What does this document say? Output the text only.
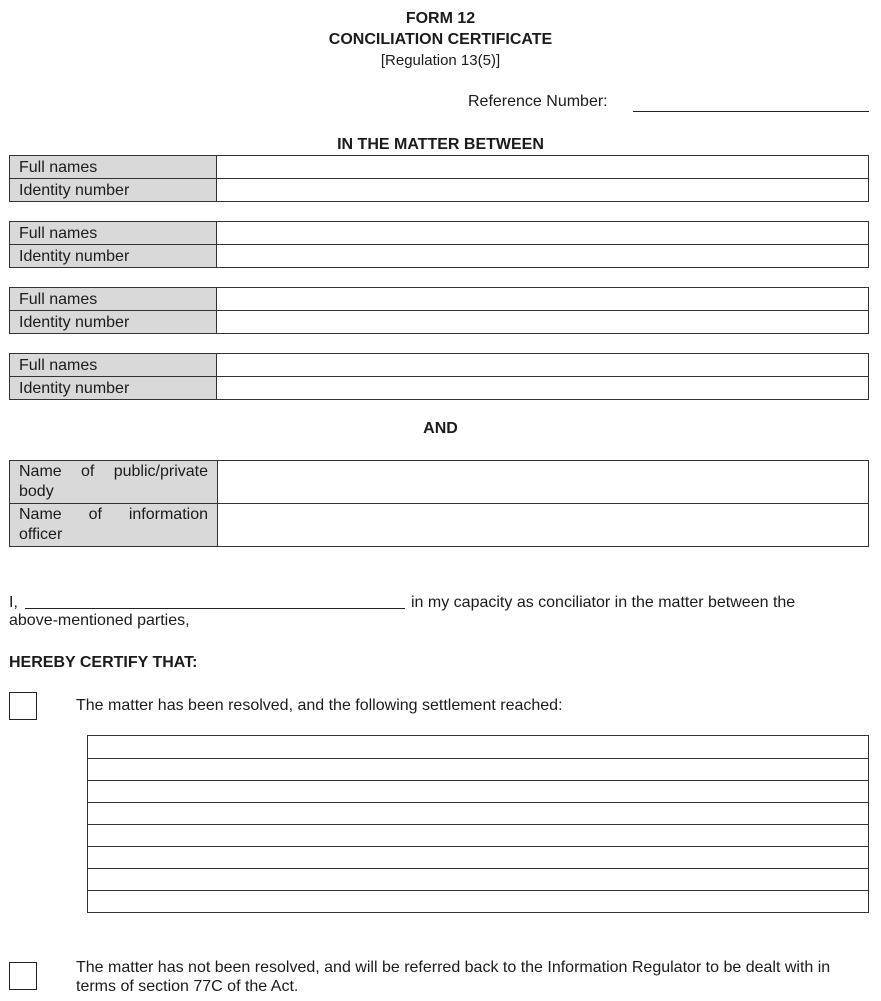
FORM 12
CONCILIATION CERTIFICATE
[Regulation 13(5)]
Reference Number:
IN THE MATTER BETWEEN
Full names	
Identity number	
Full names	
Identity number	
Full names	
Identity number	
Full names	
Identity number	
AND
Name of public/private body	
Name of information officer	
I,	in my capacity as conciliator in the matter between the
above-mentioned parties,
HEREBY CERTIFY THAT:
The matter has been resolved, and the following settlement reached:
The matter has not been resolved, and will be referred back to the Information Regulator to be dealt with in terms of section 77C of the Act.
